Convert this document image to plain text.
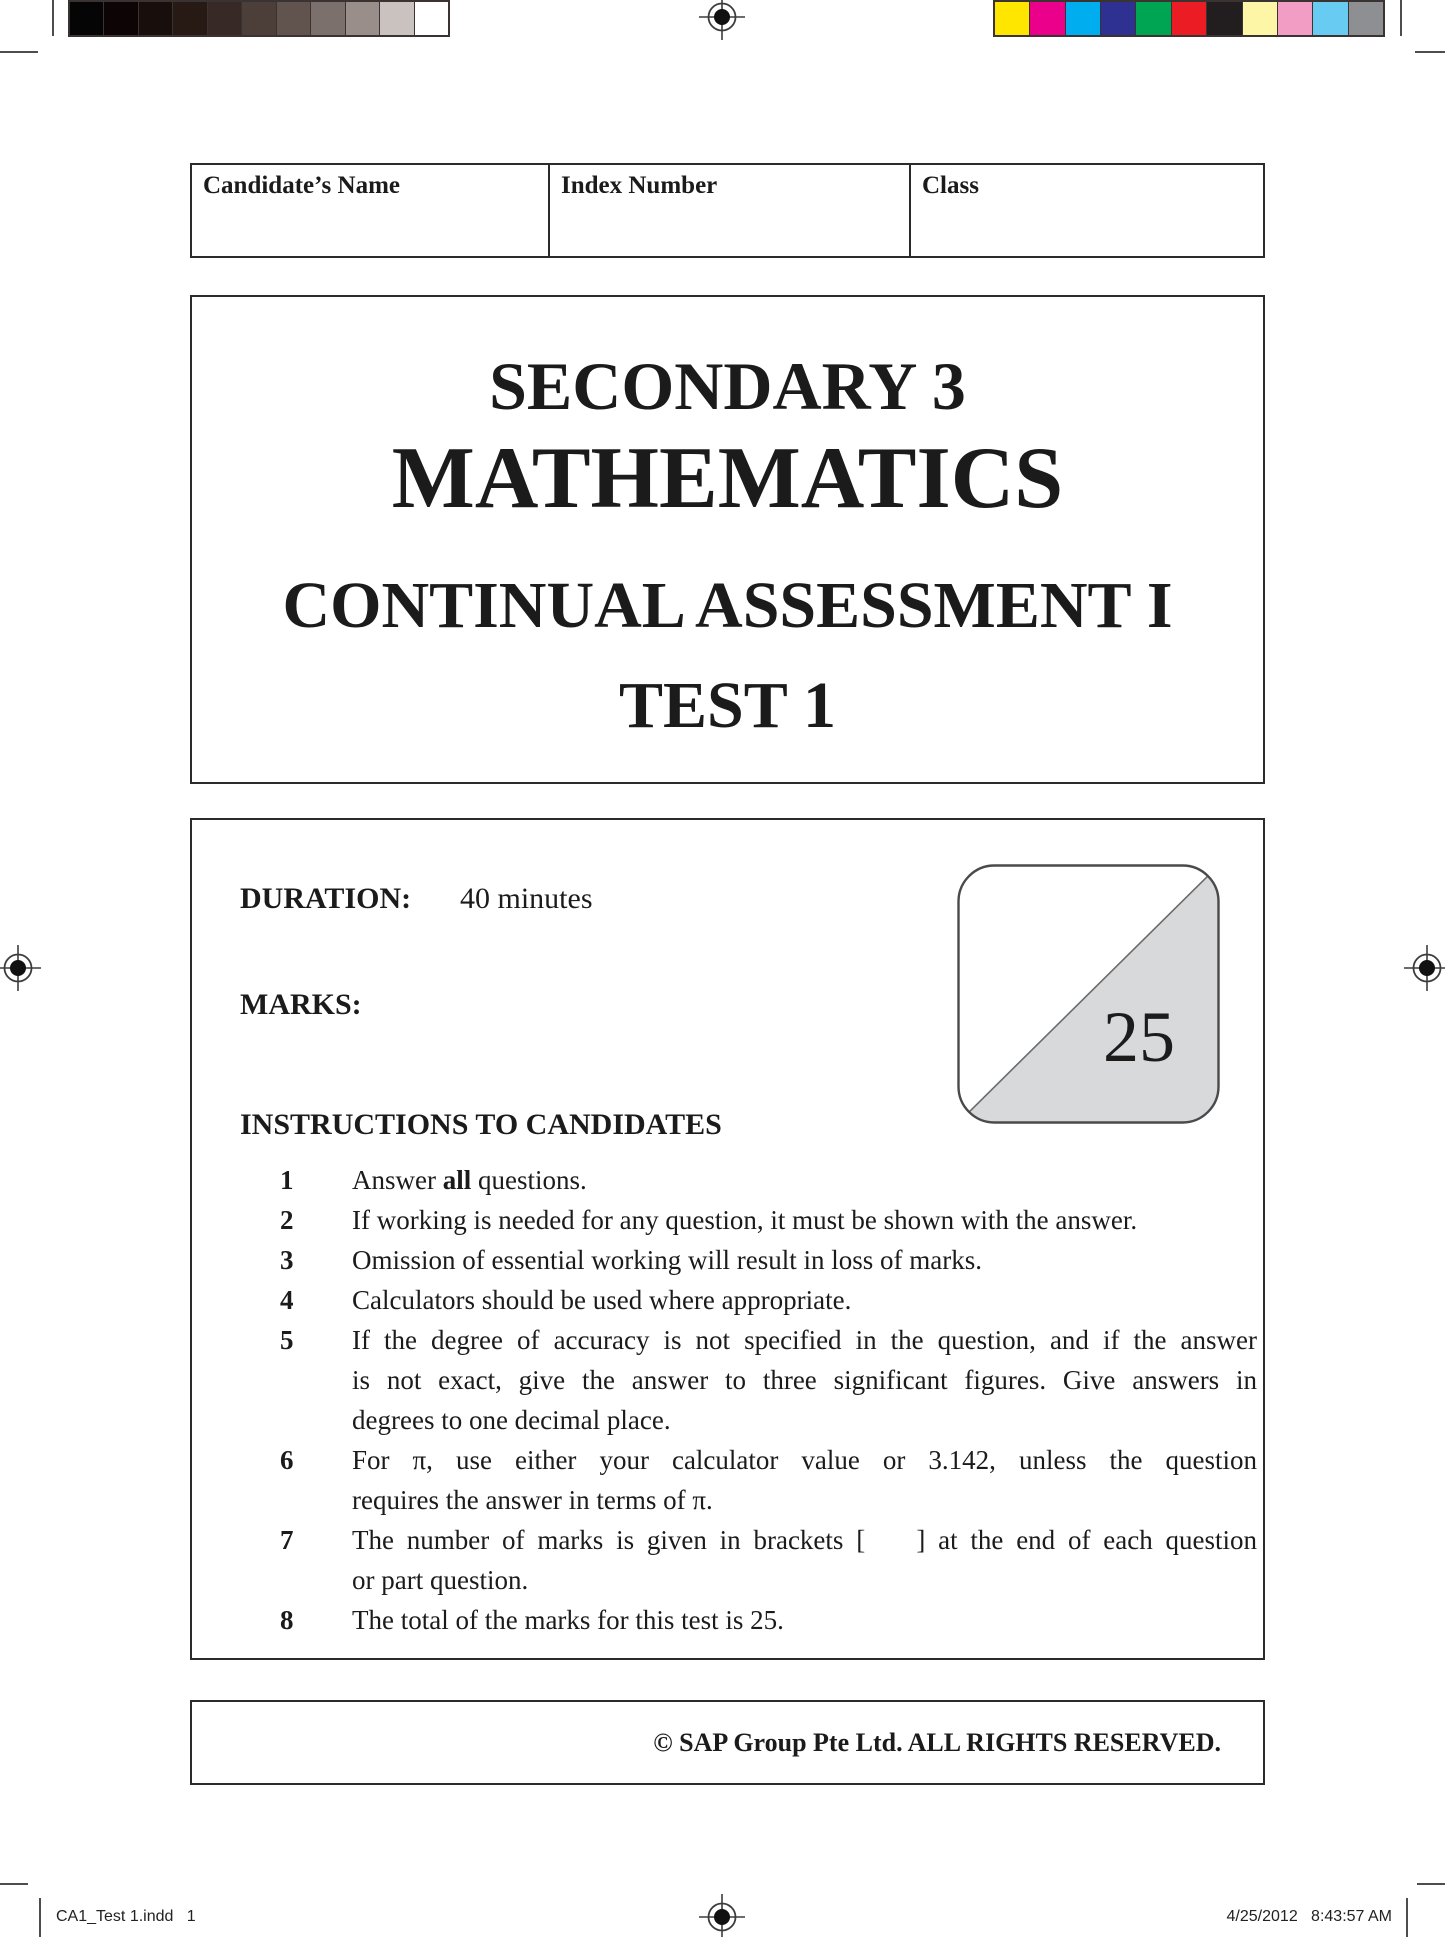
Candidate’s Name	Index Number	Class
SECONDARY 3
MATHEMATICS
CONTINUAL ASSESSMENT I
TEST 1
DURATION: 40 minutes
MARKS:	25
INSTRUCTIONS TO CANDIDATES
1	Answer all questions.
2	If working is needed for any question, it must be shown with the answer.
3	Omission of essential working will result in loss of marks.
4	Calculators should be used where appropriate.
5	If the degree of accuracy is not specified in the question, and if the answer
is not exact, give the answer to three significant figures. Give answers in
degrees to one decimal place.
6	For π, use either your calculator value or 3.142, unless the question
requires the answer in terms of π.
7	The number of marks is given in brackets [    ] at the end of each question
or part question.
8	The total of the marks for this test is 25.
© SAP Group Pte Ltd. ALL RIGHTS RESERVED.
CA1_Test 1.indd   1	4/25/2012   8:43:57 AM
